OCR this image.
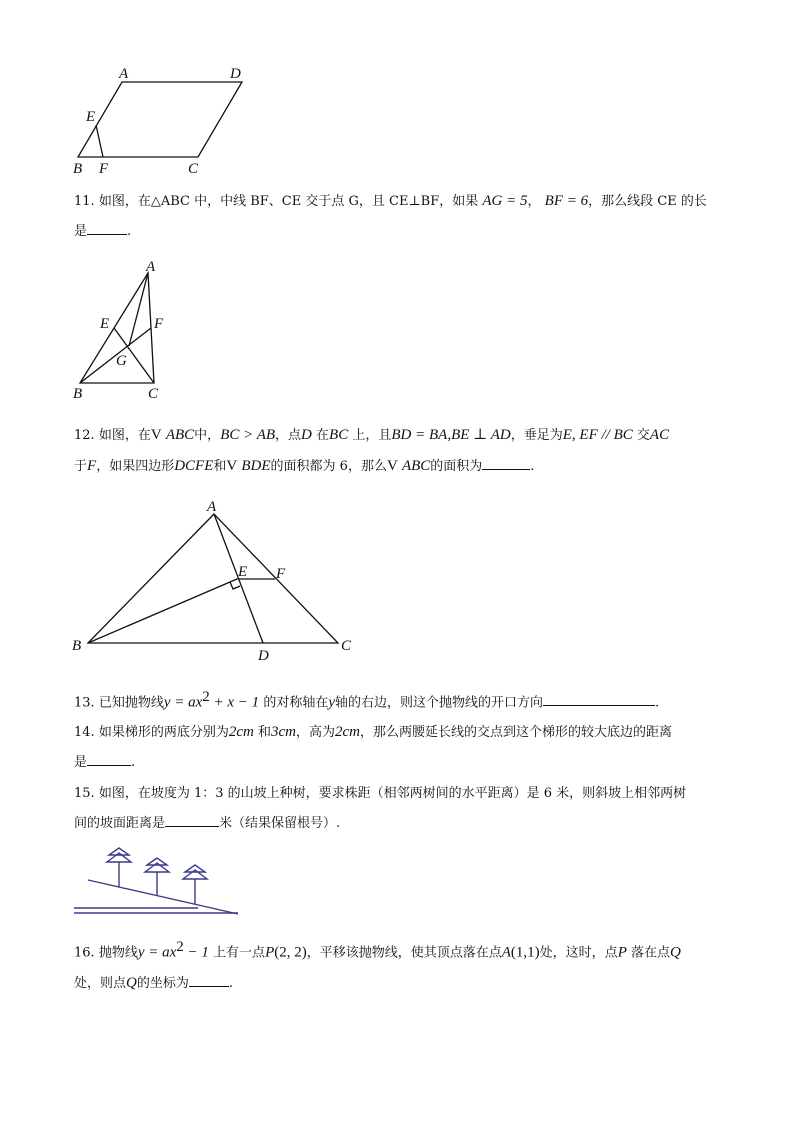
A	D
E
B F	C
11. 如图，在△ABC 中，中线 BF、CE 交于点 G，且 CE⊥BF，如果 AG = 5， BF = 6，那么线段 CE 的长
是	.
A
E	F
G
B	C
12. 如图，在V ABC中，BC > AB，点D 在BC 上，且BD = BA,BE ⊥ AD，垂足为E, EF // BC 交AC
于F，如果四边形DCFE和V BDE的面积都为 6，那么V ABC的面积为	.
A
E F
B
D
C
13. 已知抛物线$y = ax^2 + x - 1$ 的对称轴在y轴的右边，则这个抛物线的开口方向	.
14. 如果梯形的两底分别为2cm 和3cm，高为2cm，那么两腰延长线的交点到这个梯形的较大底边的距离
是	.
15. 如图，在坡度为 1：3 的山坡上种树，要求株距（相邻两树间的水平距离）是 6 米，则斜坡上相邻两树
间的坡面距离是	米（结果保留根号）.
16. 抛物线$y = ax^2 - 1$ 上有一点P(2, 2)，平移该抛物线，使其顶点落在点A(1,1)处，这时，点P 落在点Q
处，则点Q的坐标为	.
